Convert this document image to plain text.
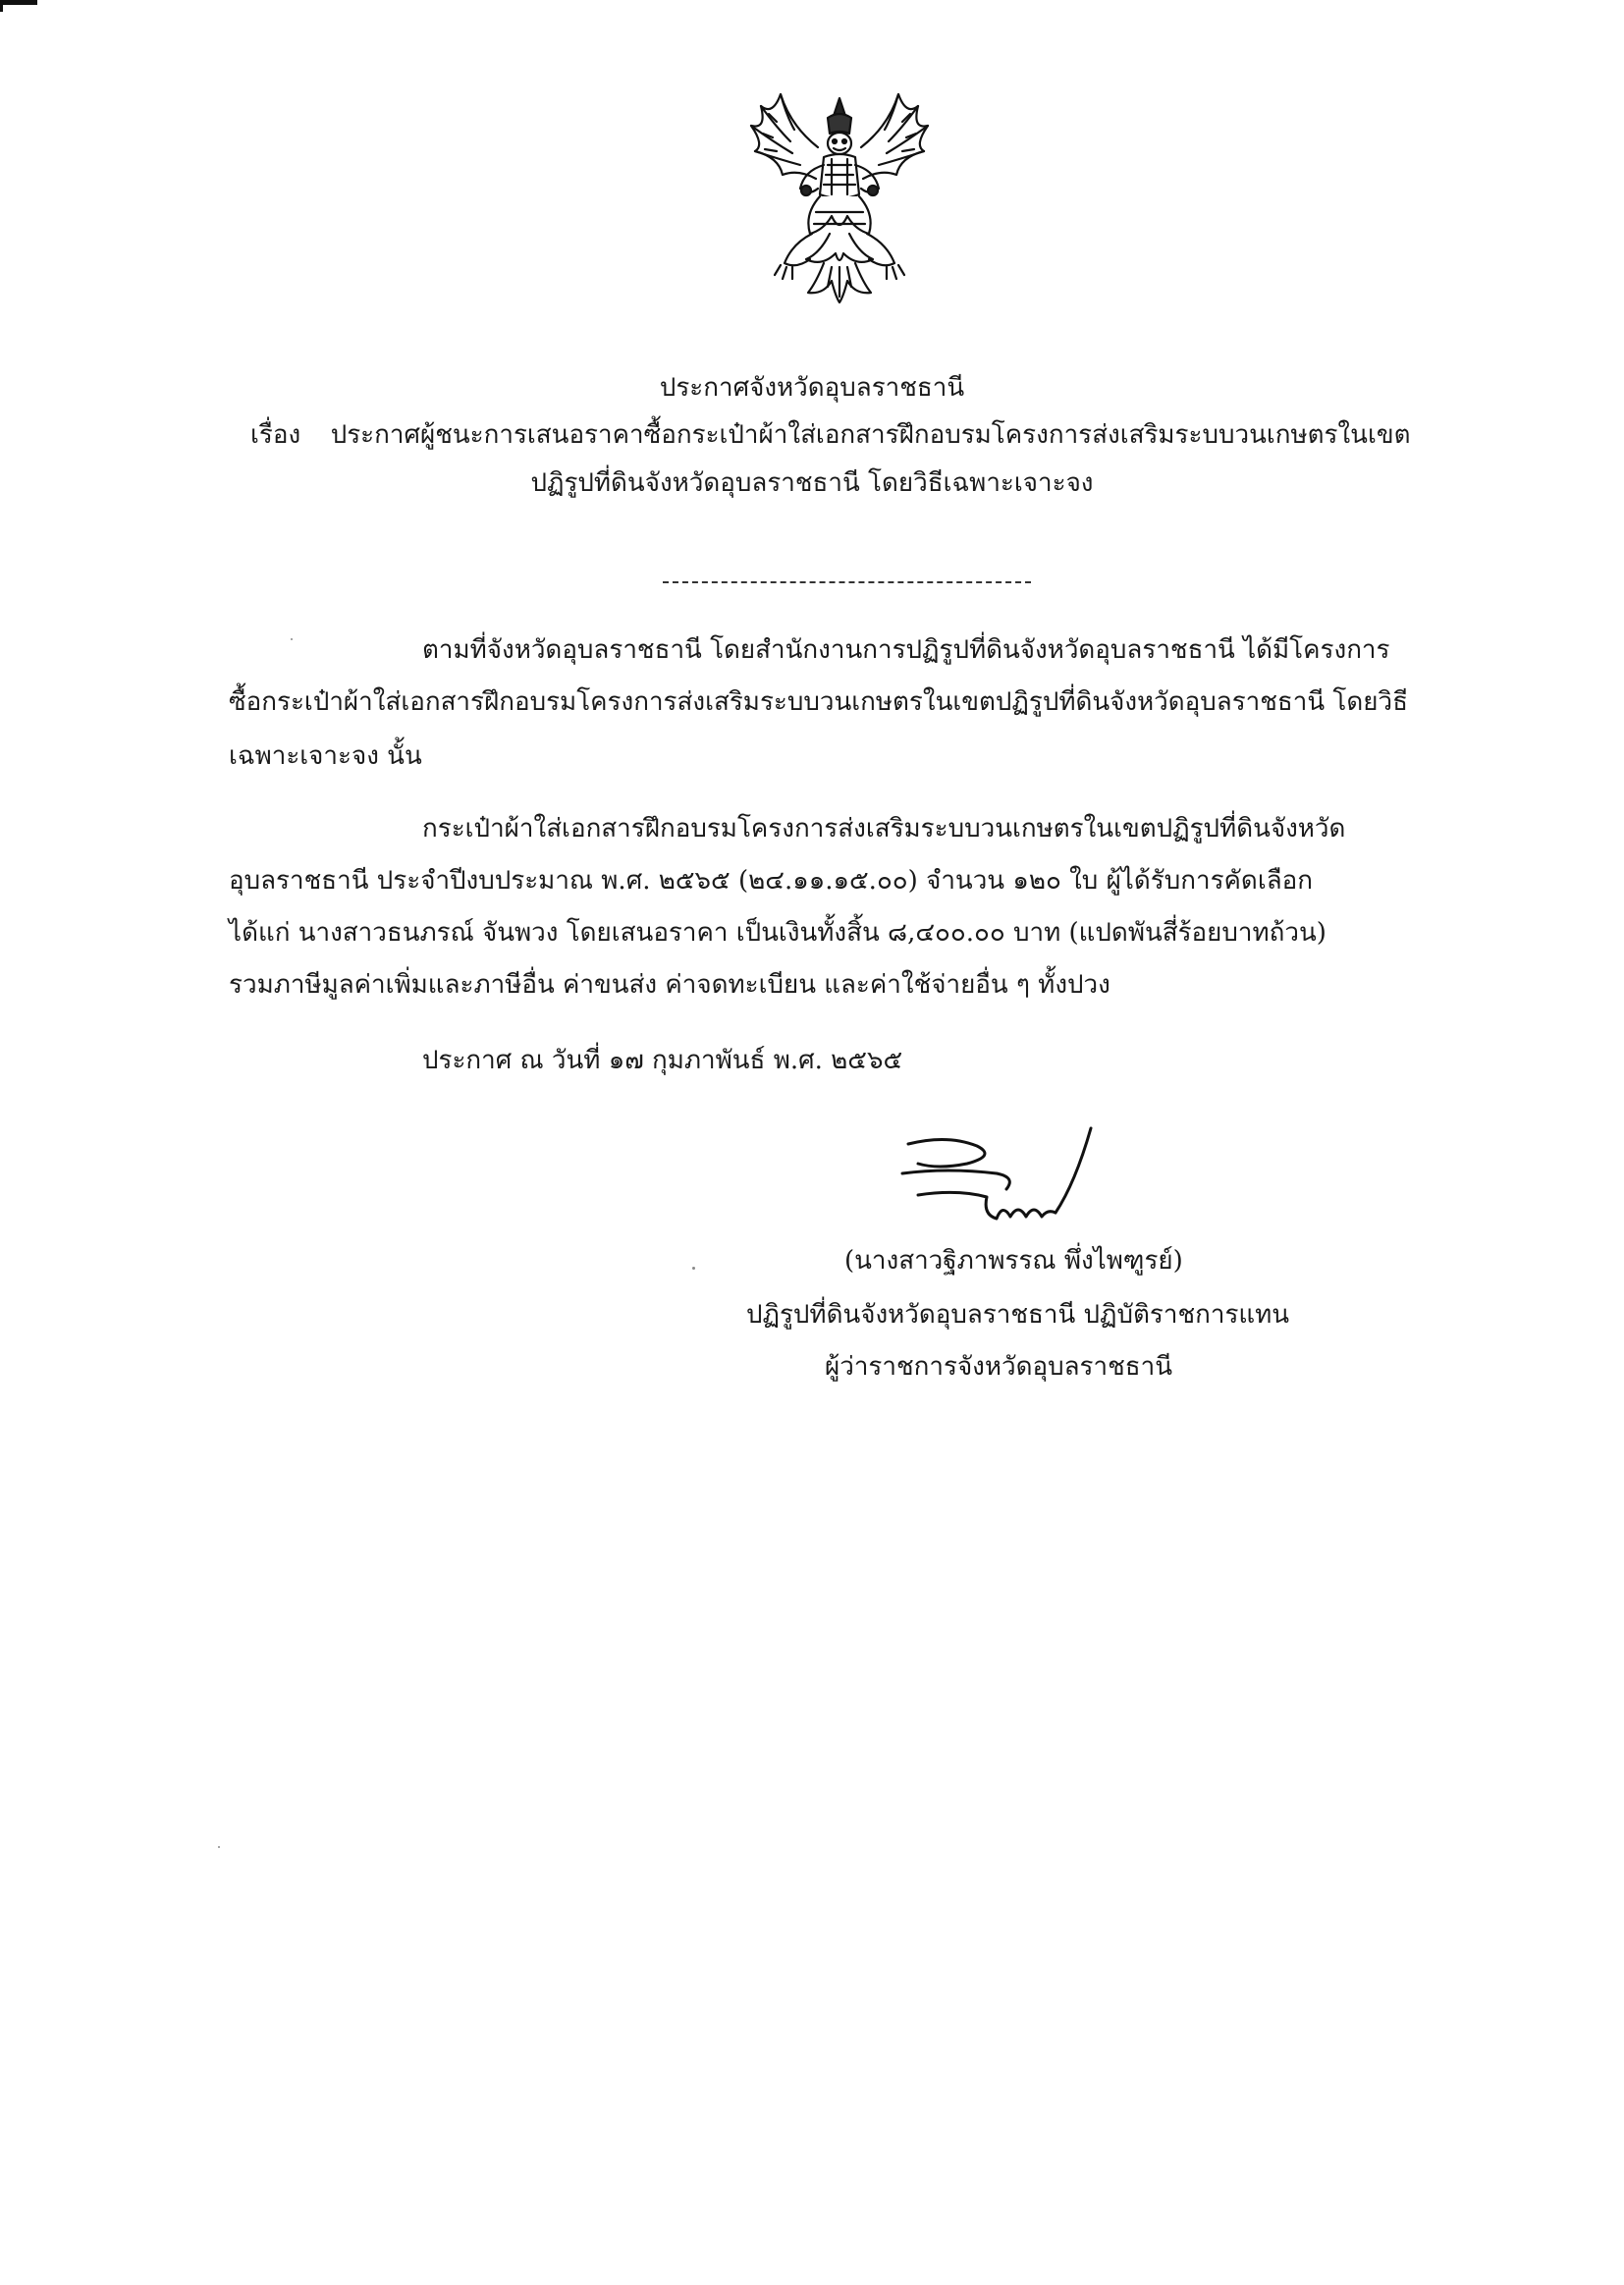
ประกาศจังหวัดอุบลราชธานี
เรื่อง ประกาศผู้ชนะการเสนอราคาซื้อกระเป๋าผ้าใส่เอกสารฝึกอบรมโครงการส่งเสริมระบบวนเกษตรในเขต
ปฏิรูปที่ดินจังหวัดอุบลราชธานี โดยวิธีเฉพาะเจาะจง
ตามที่จังหวัดอุบลราชธานี โดยสำนักงานการปฏิรูปที่ดินจังหวัดอุบลราชธานี ได้มีโครงการ
ซื้อกระเป๋าผ้าใส่เอกสารฝึกอบรมโครงการส่งเสริมระบบวนเกษตรในเขตปฏิรูปที่ดินจังหวัดอุบลราชธานี โดยวิธี
เฉพาะเจาะจง นั้น
กระเป๋าผ้าใส่เอกสารฝึกอบรมโครงการส่งเสริมระบบวนเกษตรในเขตปฏิรูปที่ดินจังหวัด
อุบลราชธานี ประจำปีงบประมาณ พ.ศ. ๒๕๖๕ (๒๔.๑๑.๑๕.๐๐) จำนวน ๑๒๐ ใบ ผู้ได้รับการคัดเลือก
ได้แก่ นางสาวธนภรณ์ จันพวง โดยเสนอราคา เป็นเงินทั้งสิ้น ๘,๔๐๐.๐๐ บาท (แปดพันสี่ร้อยบาทถ้วน)
รวมภาษีมูลค่าเพิ่มและภาษีอื่น ค่าขนส่ง ค่าจดทะเบียน และค่าใช้จ่ายอื่น ๆ ทั้งปวง
ประกาศ ณ วันที่ ๑๗ กุมภาพันธ์ พ.ศ. ๒๕๖๕
(นางสาวฐิภาพรรณ พึ่งไพฑูรย์)
ปฏิรูปที่ดินจังหวัดอุบลราชธานี ปฏิบัติราชการแทน
ผู้ว่าราชการจังหวัดอุบลราชธานี
